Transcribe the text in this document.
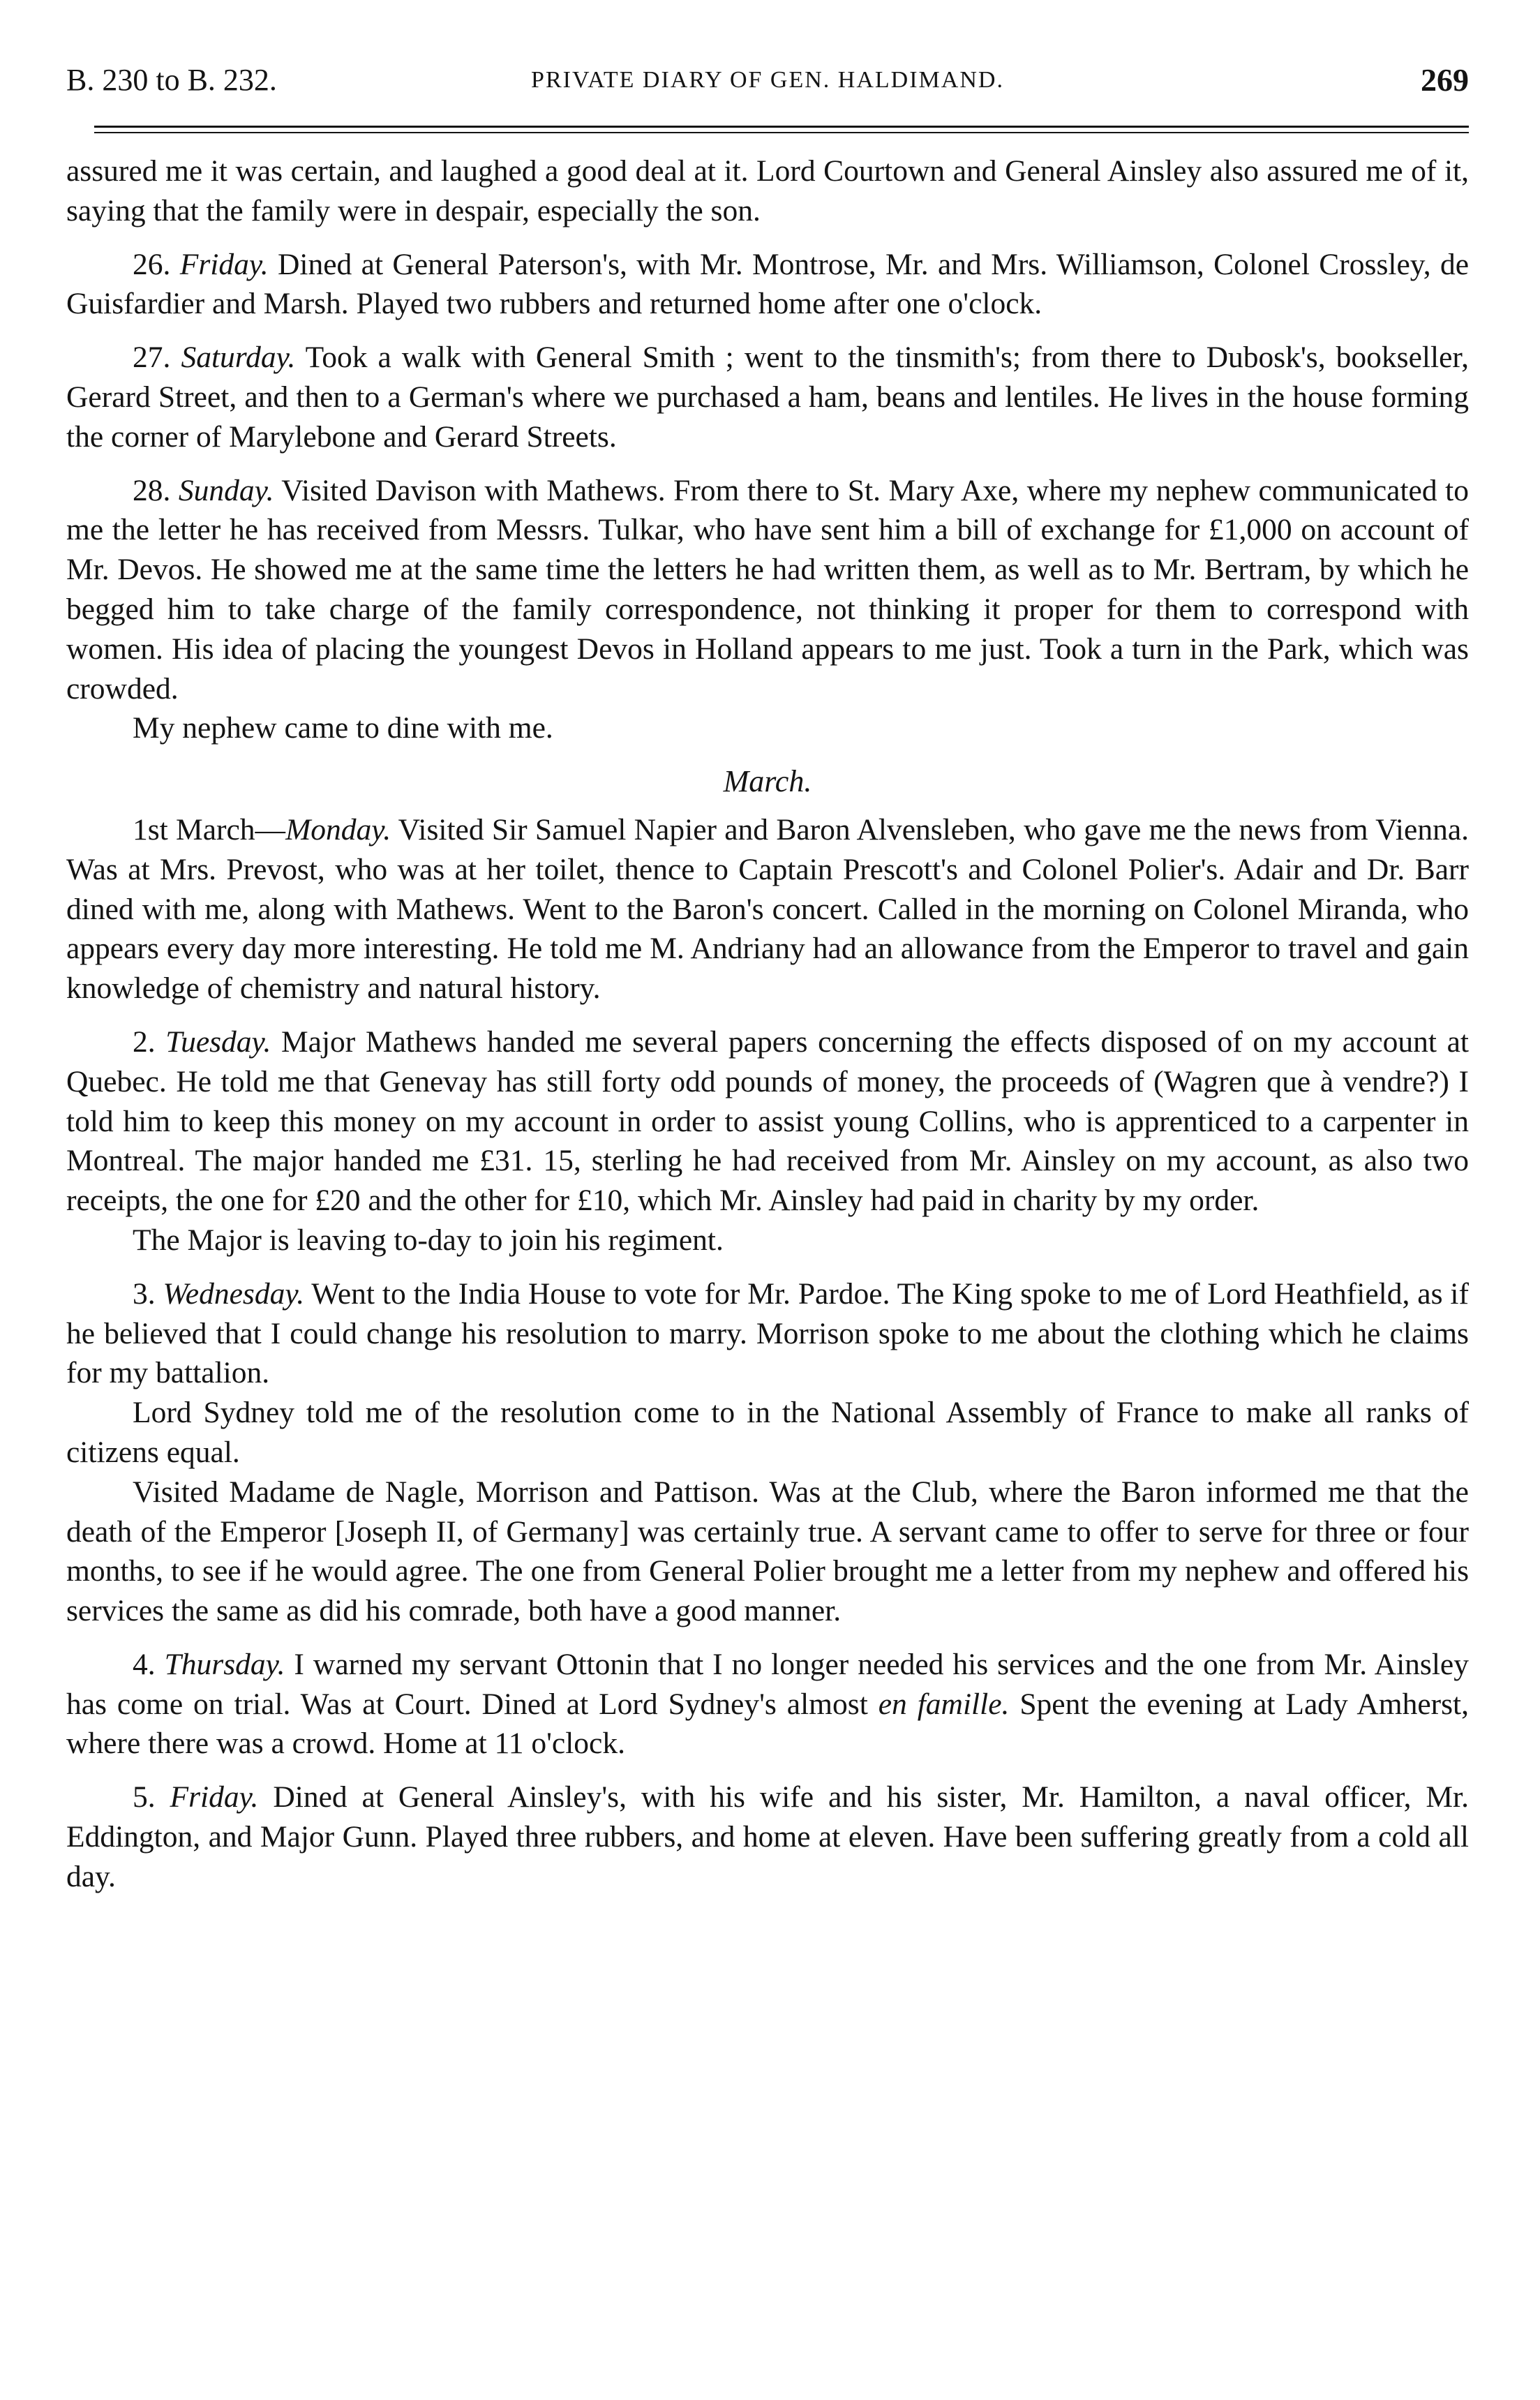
B. 230 to B. 232.	PRIVATE DIARY OF GEN. HALDIMAND.	269

assured me it was certain, and laughed a good deal at it. Lord Courtown and General Ainsley also assured me of it, saying that the family were in despair, especially the son.

26. Friday. Dined at General Paterson's, with Mr. Montrose, Mr. and Mrs. Williamson, Colonel Crossley, de Guisfardier and Marsh. Played two rubbers and returned home after one o'clock.

27. Saturday. Took a walk with General Smith ; went to the tinsmith's; from there to Dubosk's, bookseller, Gerard Street, and then to a German's where we purchased a ham, beans and lentiles. He lives in the house forming the corner of Marylebone and Gerard Streets.

28. Sunday. Visited Davison with Mathews. From there to St. Mary Axe, where my nephew communicated to me the letter he has received from Messrs. Tulkar, who have sent him a bill of exchange for £1,000 on account of Mr. Devos. He showed me at the same time the letters he had written them, as well as to Mr. Bertram, by which he begged him to take charge of the family correspondence, not thinking it proper for them to correspond with women. His idea of placing the youngest Devos in Holland appears to me just. Took a turn in the Park, which was crowded.

My nephew came to dine with me.

March.

1st March—Monday. Visited Sir Samuel Napier and Baron Alvensleben, who gave me the news from Vienna. Was at Mrs. Prevost, who was at her toilet, thence to Captain Prescott's and Colonel Polier's. Adair and Dr. Barr dined with me, along with Mathews. Went to the Baron's concert. Called in the morning on Colonel Miranda, who appears every day more interesting. He told me M. Andriany had an allowance from the Emperor to travel and gain knowledge of chemistry and natural history.

2. Tuesday. Major Mathews handed me several papers concerning the effects disposed of on my account at Quebec. He told me that Genevay has still forty odd pounds of money, the proceeds of (Wagren que à vendre?) I told him to keep this money on my account in order to assist young Collins, who is apprenticed to a carpenter in Montreal. The major handed me £31. 15, sterling he had received from Mr. Ainsley on my account, as also two receipts, the one for £20 and the other for £10, which Mr. Ainsley had paid in charity by my order.

The Major is leaving to-day to join his regiment.

3. Wednesday. Went to the India House to vote for Mr. Pardoe. The King spoke to me of Lord Heathfield, as if he believed that I could change his resolution to marry. Morrison spoke to me about the clothing which he claims for my battalion.

Lord Sydney told me of the resolution come to in the National Assembly of France to make all ranks of citizens equal.

Visited Madame de Nagle, Morrison and Pattison. Was at the Club, where the Baron informed me that the death of the Emperor [Joseph II, of Germany] was certainly true. A servant came to offer to serve for three or four months, to see if he would agree. The one from General Polier brought me a letter from my nephew and offered his services the same as did his comrade, both have a good manner.

4. Thursday. I warned my servant Ottonin that I no longer needed his services and the one from Mr. Ainsley has come on trial. Was at Court. Dined at Lord Sydney's almost en famille. Spent the evening at Lady Amherst, where there was a crowd. Home at 11 o'clock.

5. Friday. Dined at General Ainsley's, with his wife and his sister, Mr. Hamilton, a naval officer, Mr. Eddington, and Major Gunn. Played three rubbers, and home at eleven. Have been suffering greatly from a cold all day.
